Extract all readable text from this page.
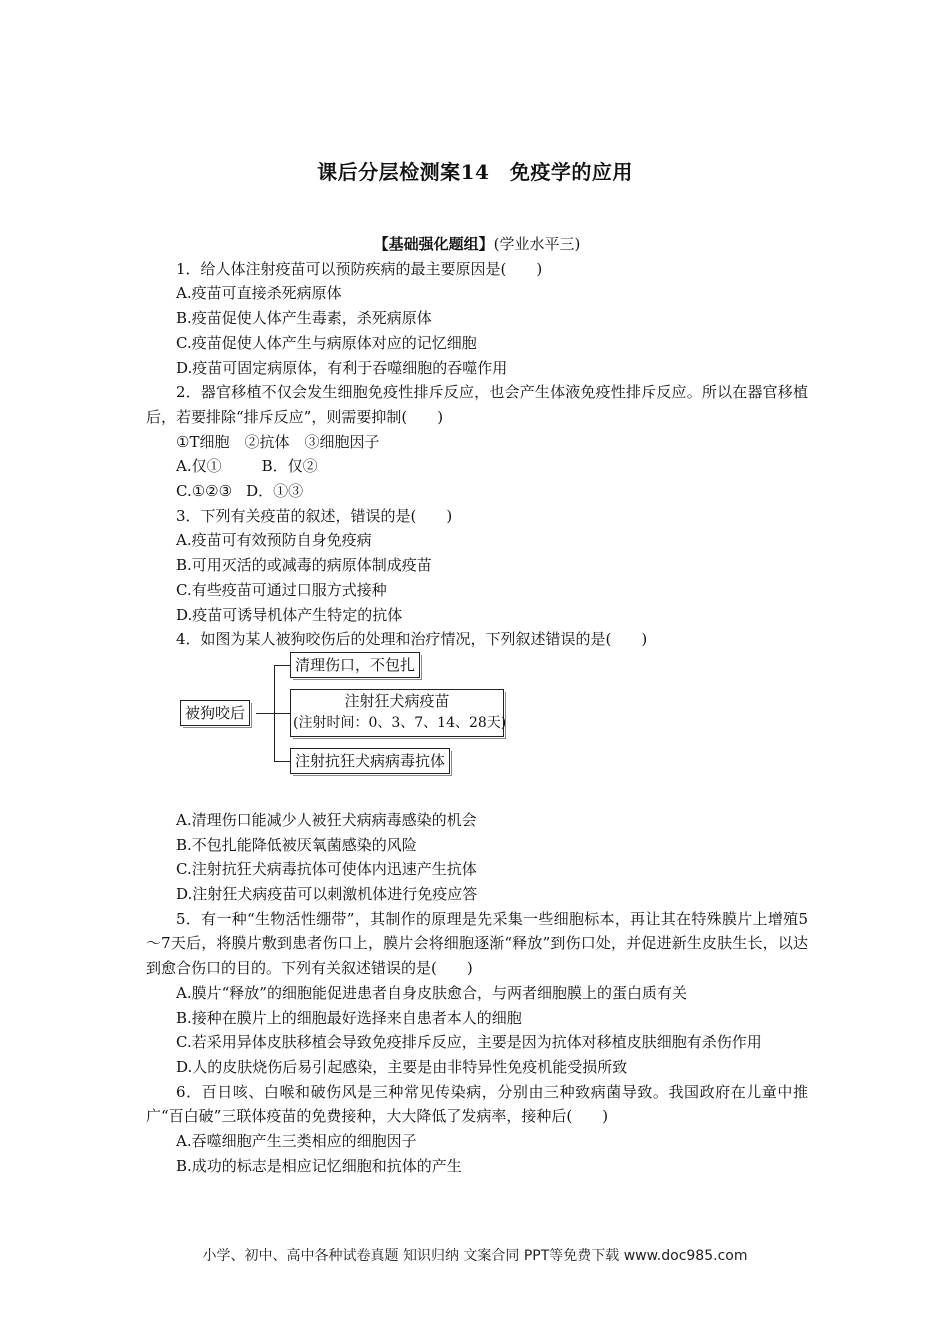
课后分层检测案14　免疫学的应用

【基础强化题组】(学业水平三)

1．给人体注射疫苗可以预防疾病的最主要原因是(　　)

A.疫苗可直接杀死病原体

B.疫苗促使人体产生毒素，杀死病原体

C.疫苗促使人体产生与病原体对应的记忆细胞

D.疫苗可固定病原体，有利于吞噬细胞的吞噬作用

2．器官移植不仅会发生细胞免疫性排斥反应，也会产生体液免疫性排斥反应。所以在器官移植后，若要排除“排斥反应”，则需要抑制(　　)

①T细胞　②抗体　③细胞因子

A.仅①	B．仅②

C.①②③ D．①③

3．下列有关疫苗的叙述，错误的是(　　)

A.疫苗可有效预防自身免疫病

B.可用灭活的或减毒的病原体制成疫苗

C.有些疫苗可通过口服方式接种

D.疫苗可诱导机体产生特定的抗体

4．如图为某人被狗咬伤后的处理和治疗情况，下列叙述错误的是(　　)

被狗咬后
清理伤口，不包扎
注射狂犬病疫苗
(注射时间：0、3、7、14、28天)
注射抗狂犬病病毒抗体

A.清理伤口能减少人被狂犬病病毒感染的机会

B.不包扎能降低被厌氧菌感染的风险

C.注射抗狂犬病毒抗体可使体内迅速产生抗体

D.注射狂犬病疫苗可以刺激机体进行免疫应答

5．有一种“生物活性绷带”，其制作的原理是先采集一些细胞标本，再让其在特殊膜片上增殖5～7天后，将膜片敷到患者伤口上，膜片会将细胞逐渐“释放”到伤口处，并促进新生皮肤生长，以达到愈合伤口的目的。下列有关叙述错误的是(　　)

A.膜片“释放”的细胞能促进患者自身皮肤愈合，与两者细胞膜上的蛋白质有关

B.接种在膜片上的细胞最好选择来自患者本人的细胞

C.若采用异体皮肤移植会导致免疫排斥反应，主要是因为抗体对移植皮肤细胞有杀伤作用

D.人的皮肤烧伤后易引起感染，主要是由非特异性免疫机能受损所致

6．百日咳、白喉和破伤风是三种常见传染病，分别由三种致病菌导致。我国政府在儿童中推广“百白破”三联体疫苗的免费接种，大大降低了发病率，接种后(　　)

A.吞噬细胞产生三类相应的细胞因子

B.成功的标志是相应记忆细胞和抗体的产生

小学、初中、高中各种试卷真题 知识归纳 文案合同 PPT等免费下载 www.doc985.com
